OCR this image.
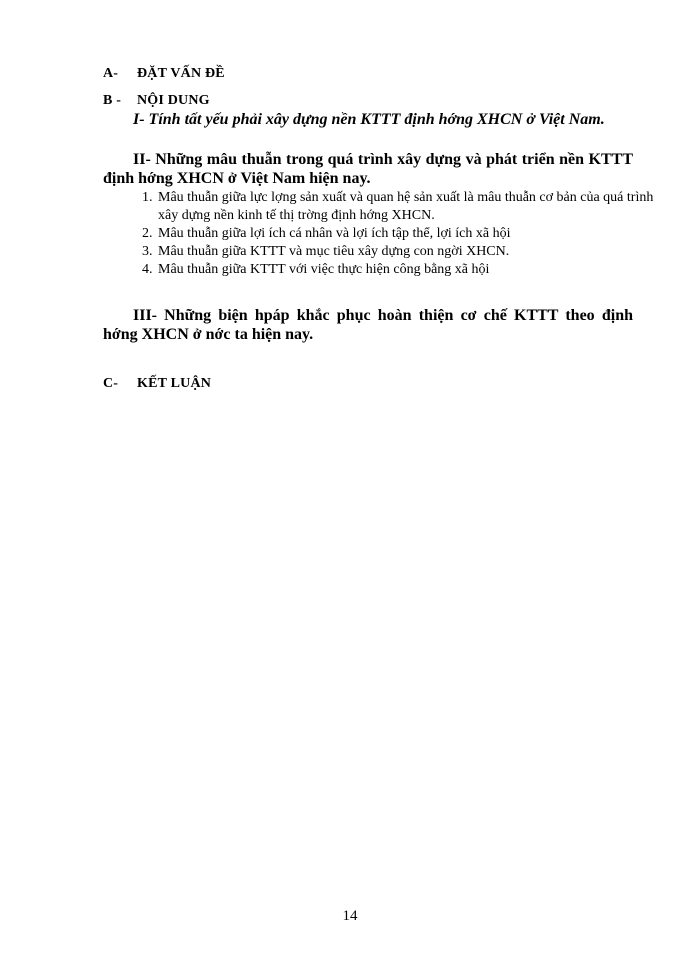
A- ĐẶT VẤN ĐỀ
B - NỘI DUNG

I- Tính tất yếu phải xây dựng nền KTTT định hớng XHCN ở Việt Nam.

II- Những mâu thuẫn trong quá trình xây dựng và phát triển nền KTTT định hớng XHCN ở Việt Nam hiện nay.

1. Mâu thuẫn giữa lực lợng sản xuất và quan hệ sản xuất là mâu thuẫn cơ bản của quá trình xây dựng nền kinh tế thị trờng định hớng XHCN.
2. Mâu thuẫn giữa lợi ích cá nhân và lợi ích tập thể, lợi ích xã hội
3. Mâu thuẫn giữa KTTT và mục tiêu xây dựng con ngời XHCN.
4. Mâu thuẫn giữa KTTT với việc thực hiện công bằng xã hội

III- Những biện hpáp khắc phục hoàn thiện cơ chế KTTT theo định hớng XHCN ở nớc ta hiện nay.

C- KẾT LUẬN
14
